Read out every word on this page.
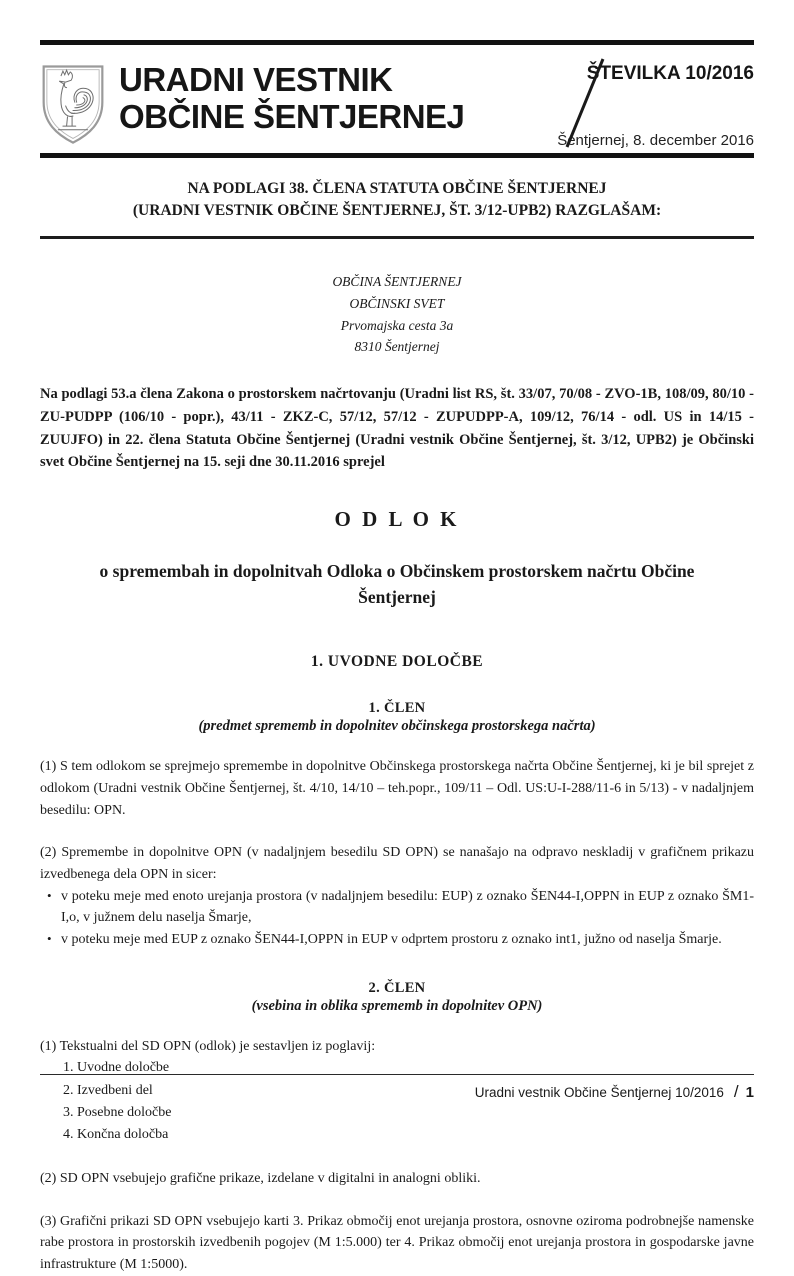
URADNI VESTNIK
OBČINE ŠENTJERNEJ
ŠTEVILKA 10/2016
Šentjernej, 8. december 2016
NA PODLAGI 38. ČLENA STATUTA OBČINE ŠENTJERNEJ
(URADNI VESTNIK OBČINE ŠENTJERNEJ, ŠT. 3/12-UPB2) RAZGLAŠAM:
OBČINA ŠENTJERNEJ
OBČINSKI SVET
Prvomajska cesta 3a
8310 Šentjernej

Na podlagi 53.a člena Zakona o prostorskem načrtovanju (Uradni list RS, št. 33/07, 70/08 - ZVO-1B, 108/09, 80/10 - ZU-PUDPP (106/10 - popr.), 43/11 - ZKZ-C, 57/12, 57/12 - ZUPUDPP-A, 109/12, 76/14 - odl. US in 14/15 - ZUUJFO) in 22. člena Statuta Občine Šentjernej (Uradni vestnik Občine Šentjernej, št. 3/12, UPB2) je Občinski svet Občine Šentjernej na 15. seji dne 30.11.2016 sprejel

O D L O K
o spremembah in dopolnitvah Odloka o Občinskem prostorskem načrtu Občine Šentjernej
1. UVODNE DOLOČBE
1. ČLEN
(predmet sprememb in dopolnitev občinskega prostorskega načrta)

(1) S tem odlokom se sprejmejo spremembe in dopolnitve Občinskega prostorskega načrta Občine Šentjernej, ki je bil sprejet z odlokom (Uradni vestnik Občine Šentjernej, št. 4/10, 14/10 – teh.popr., 109/11 – Odl. US:U-I-288/11-6 in 5/13) - v nadaljnjem besedilu: OPN.

(2) Spremembe in dopolnitve OPN (v nadaljnjem besedilu SD OPN) se nanašajo na odpravo neskladij v grafičnem prikazu izvedbenega dela OPN in sicer:

• v poteku meje med enoto urejanja prostora (v nadaljnjem besedilu: EUP) z oznako ŠEN44-I,OPPN in EUP z oznako ŠM1-I,o, v južnem delu naselja Šmarje,
• v poteku meje med EUP z oznako ŠEN44-I,OPPN in EUP v odprtem prostoru z oznako int1, južno od naselja Šmarje.
2. ČLEN
(vsebina in oblika sprememb in dopolnitev OPN)

(1) Tekstualni del SD OPN (odlok) je sestavljen iz poglavij:

1. Uvodne določbe
2. Izvedbeni del
3. Posebne določbe
4. Končna določba

(2) SD OPN vsebujejo grafične prikaze, izdelane v digitalni in analogni obliki.

(3) Grafični prikazi SD OPN vsebujejo karti 3. Prikaz območij enot urejanja prostora, osnovne oziroma podrobnejše namenske rabe prostora in prostorskih izvedbenih pogojev (M 1:5.000) ter 4. Prikaz območij enot urejanja prostora in gospodarske javne infrastrukture (M 1:5000).

Uradni vestnik Občine Šentjernej 10/2016 / 1
